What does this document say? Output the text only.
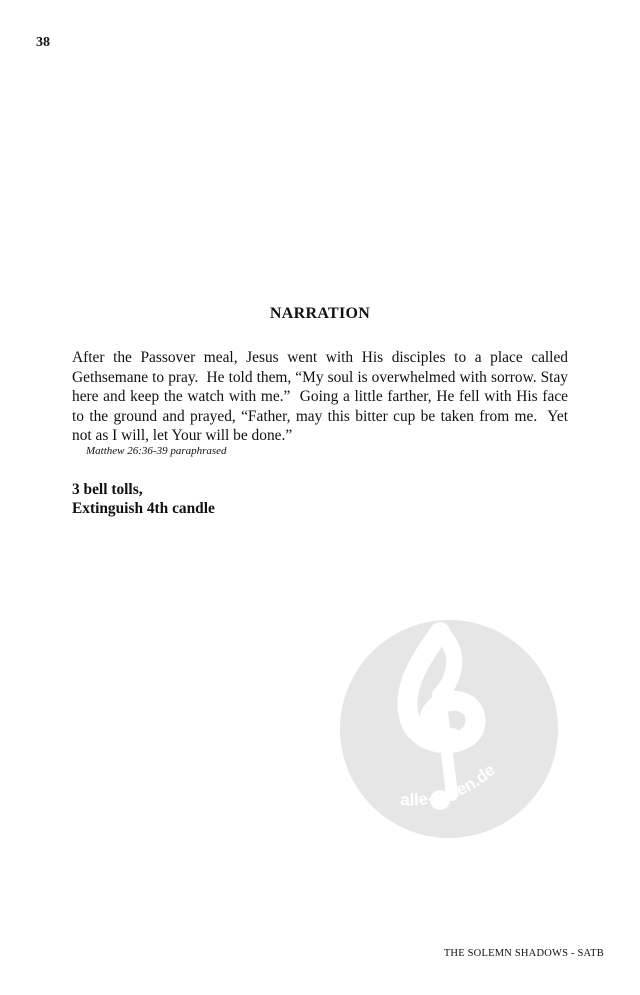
38
NARRATION

After the Passover meal, Jesus went with His disciples to a place called Gethsemane to pray.  He told them, “My soul is overwhelmed with sorrow. Stay here and keep the watch with me.”  Going a little farther, He fell with His face to the ground and prayed, “Father, may this bitter cup be taken from me.  Yet not as I will, let Your will be done.”

Matthew 26:36-39 paraphrased
3 bell tolls,
Extinguish 4th candle
alle-noten.de
THE SOLEMN SHADOWS - SATB
